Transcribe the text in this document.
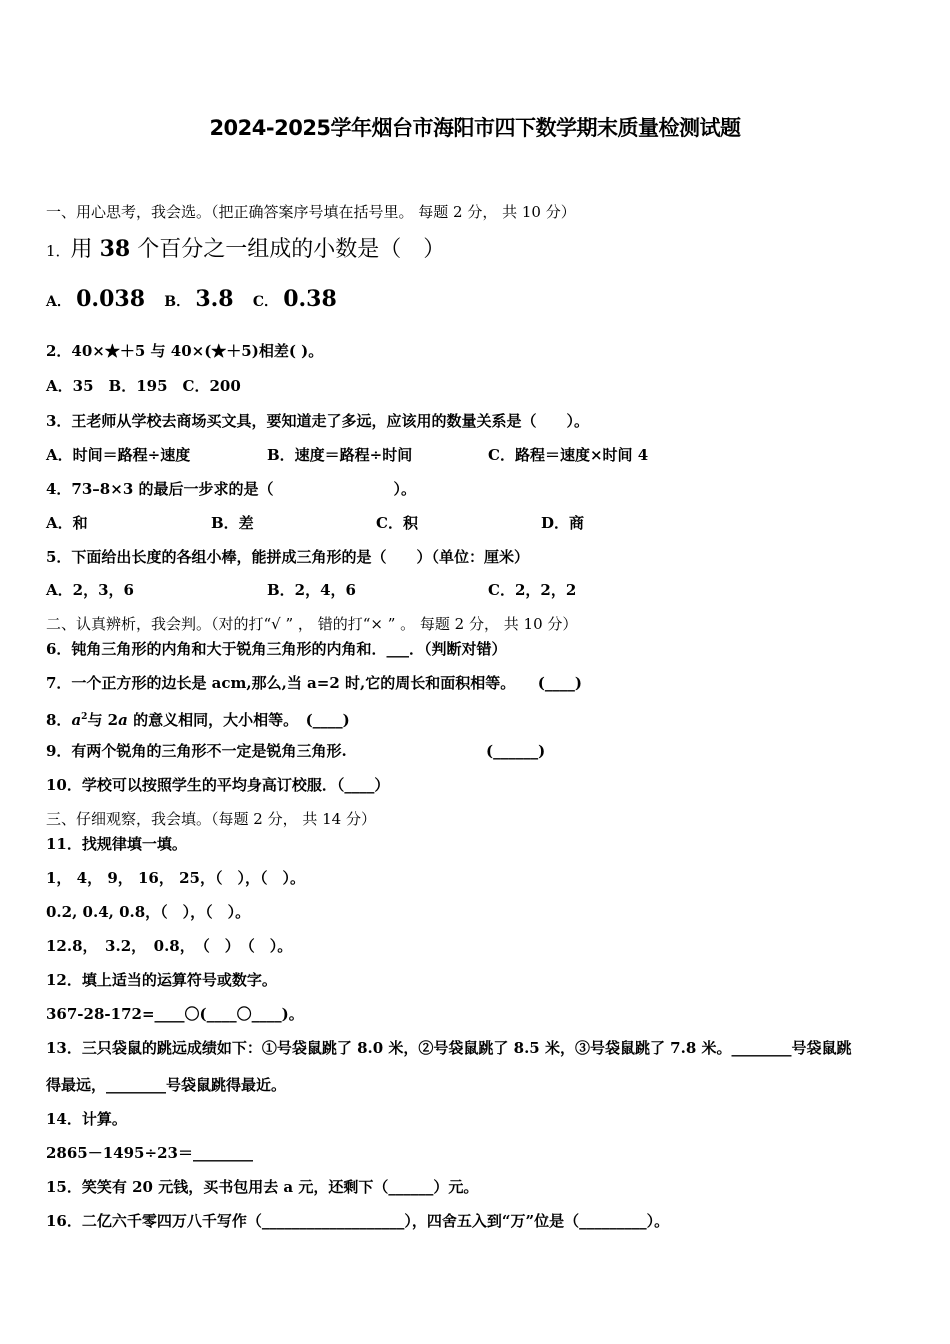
2024-2025学年烟台市海阳市四下数学期末质量检测试题
一、用心思考，我会选。（把正确答案序号填在括号里。 每题 2 分， 共 10 分）
1．用 38 个百分之一组成的小数是（　）
A． 0.038 B． 3.8 C． 0.38
2．40×★＋5 与 40×(★＋5)相差( )。
A．35　B．195　C．200
3．王老师从学校去商场买文具，要知道走了多远，应该用的数量关系是（　　）。
A．时间＝路程÷速度	B．速度＝路程÷时间	C．路程＝速度×时间 4
4．73–8×3 的最后一步求的是（　　　　　　　　）。
A．和	B．差	C．积	D．商
5．下面给出长度的各组小棒，能拼成三角形的是（　　）（单位：厘米）
A．2，3，6	B．2，4，6	C．2，2，2
二、认真辨析，我会判。（对的打“√ ” ， 错的打“× ” 。 每题 2 分， 共 10 分）
6．钝角三角形的内角和大于锐角三角形的内角和．___．（判断对错）
7．一个正方形的边长是 acm,那么,当 a=2 时,它的周长和面积相等。　　(____)
8．$a^2$与 2a 的意义相同，大小相等。　(____)
9．有两个锐角的三角形不一定是锐角三角形.	(______)
10．学校可以按照学生的平均身高订校服．（____）
三、仔细观察，我会填。（每题 2 分， 共 14 分）
11．找规律填一填。
1， 4， 9， 16， 25，（　），（　）。
0.2, 0.4, 0.8，（　），（　）。
12.8，　3.2，　0.8，　（　）　（　）。
12．填上适当的运算符号或数字。
367-28-172=____〇(____〇____)。
13．三只袋鼠的跳远成绩如下：①号袋鼠跳了 8.0 米，②号袋鼠跳了 8.5 米，③号袋鼠跳了 7.8 米。________号袋鼠跳
得最远，________号袋鼠跳得最近。
14．计算。
2865－1495÷23＝________
15．笑笑有 20 元钱，买书包用去 a 元，还剩下（______）元。
16．二亿六千零四万八千写作（___________________），四舍五入到“万”位是（_________）。
